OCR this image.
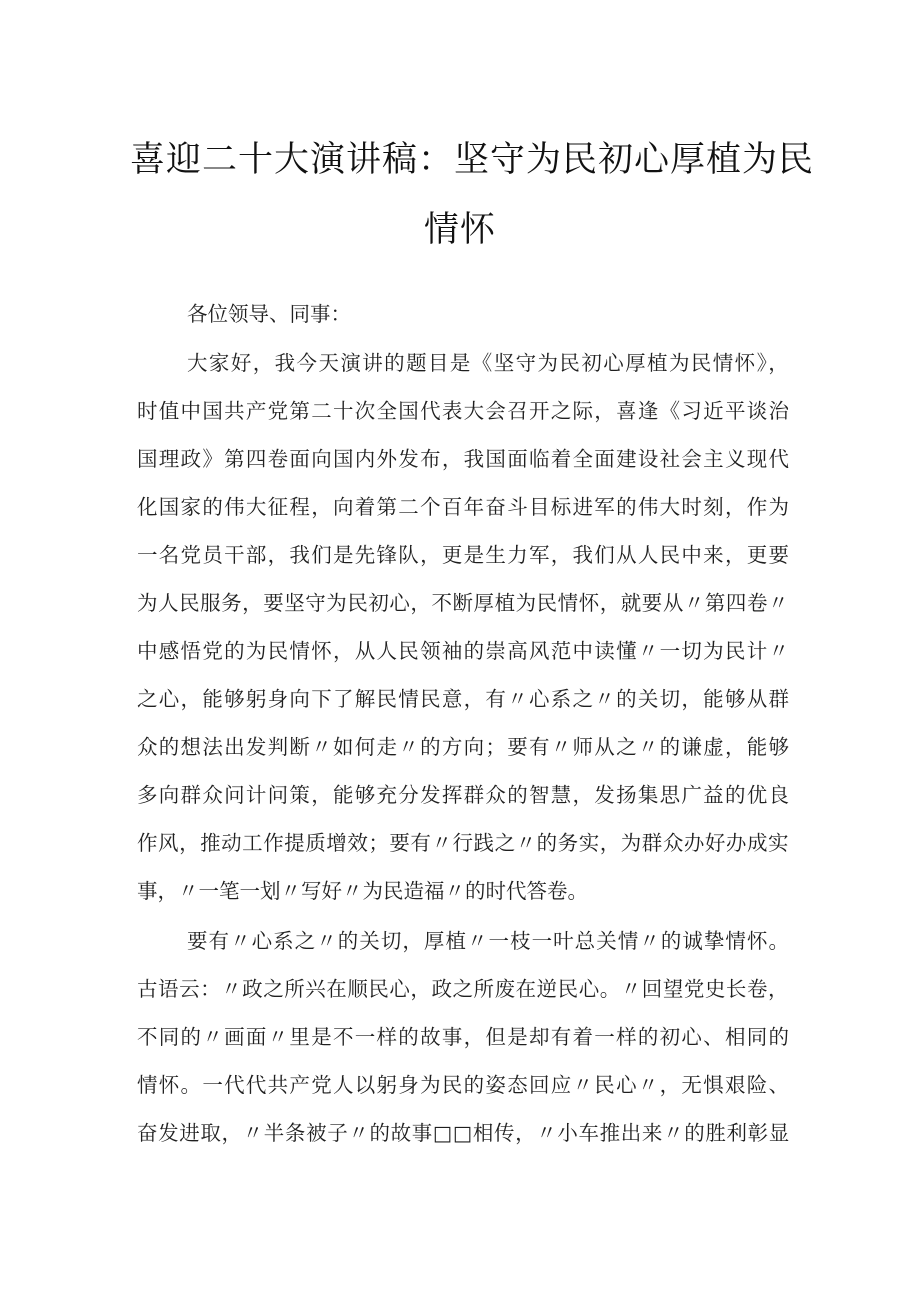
喜迎二十大演讲稿：坚守为民初心厚植为民
情怀
各位领导、同事：
大家好，我今天演讲的题目是《坚守为民初心厚植为民情怀》，
时值中国共产党第二十次全国代表大会召开之际，喜逢《习近平谈治
国理政》第四卷面向国内外发布，我国面临着全面建设社会主义现代
化国家的伟大征程，向着第二个百年奋斗目标进军的伟大时刻，作为
一名党员干部，我们是先锋队，更是生力军，我们从人民中来，更要
为人民服务，要坚守为民初心，不断厚植为民情怀，就要从〃第四卷〃
中感悟党的为民情怀，从人民领袖的崇高风范中读懂〃一切为民计〃
之心，能够躬身向下了解民情民意，有〃心系之〃的关切，能够从群
众的想法出发判断〃如何走〃的方向；要有〃师从之〃的谦虚，能够
多向群众问计问策，能够充分发挥群众的智慧，发扬集思广益的优良
作风，推动工作提质增效；要有〃行践之〃的务实，为群众办好办成实
事，〃一笔一划〃写好〃为民造福〃的时代答卷。
要有〃心系之〃的关切，厚植〃一枝一叶总关情〃的诚挚情怀。
古语云：〃政之所兴在顺民心，政之所废在逆民心。〃回望党史长卷，
不同的〃画面〃里是不一样的故事，但是却有着一样的初心、相同的
情怀。一代代共产党人以躬身为民的姿态回应〃民心〃，无惧艰险、
奋发进取，〃半条被子〃的故事□□相传，〃小车推出来〃的胜利彰显
